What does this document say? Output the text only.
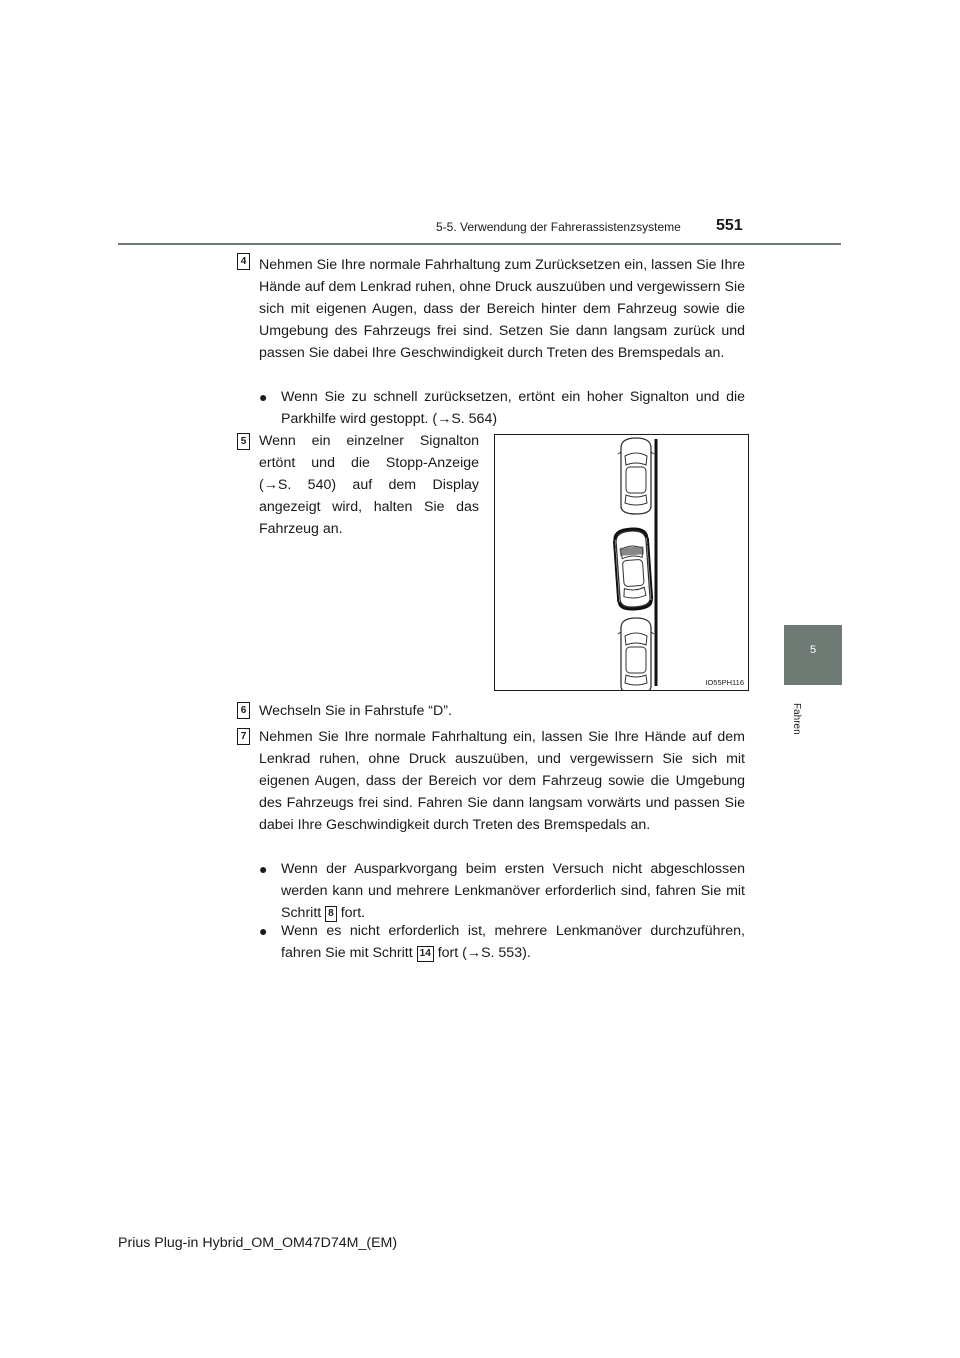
5-5. Verwendung der Fahrerassistenzsysteme 551
5
Fahren
4 Nehmen Sie Ihre normale Fahrhaltung zum Zurücksetzen ein, lassen Sie Ihre Hände auf dem Lenkrad ruhen, ohne Druck auszuüben und vergewissern Sie sich mit eigenen Augen, dass der Bereich hinter dem Fahrzeug sowie die Umgebung des Fahrzeugs frei sind. Setzen Sie dann langsam zurück und passen Sie dabei Ihre Geschwindigkeit durch Treten des Bremspedals an.

● Wenn Sie zu schnell zurücksetzen, ertönt ein hoher Signalton und die Parkhilfe wird gestoppt. (→S. 564)

5 Wenn ein einzelner Signalton ertönt und die Stopp-Anzeige (→S. 540) auf dem Display angezeigt wird, halten Sie das Fahrzeug an.

IO55PH116
6 Wechseln Sie in Fahrstufe “D”.

7 Nehmen Sie Ihre normale Fahrhaltung ein, lassen Sie Ihre Hände auf dem Lenkrad ruhen, ohne Druck auszuüben, und vergewissern Sie sich mit eigenen Augen, dass der Bereich vor dem Fahrzeug sowie die Umgebung des Fahrzeugs frei sind. Fahren Sie dann langsam vorwärts und passen Sie dabei Ihre Geschwindigkeit durch Treten des Bremspedals an.

● Wenn der Ausparkvorgang beim ersten Versuch nicht abgeschlossen werden kann und mehrere Lenkmanöver erforderlich sind, fahren Sie mit Schritt 8 fort.

● Wenn es nicht erforderlich ist, mehrere Lenkmanöver durchzuführen, fahren Sie mit Schritt 14 fort (→S. 553).

Prius Plug-in Hybrid_OM_OM47D74M_(EM)
